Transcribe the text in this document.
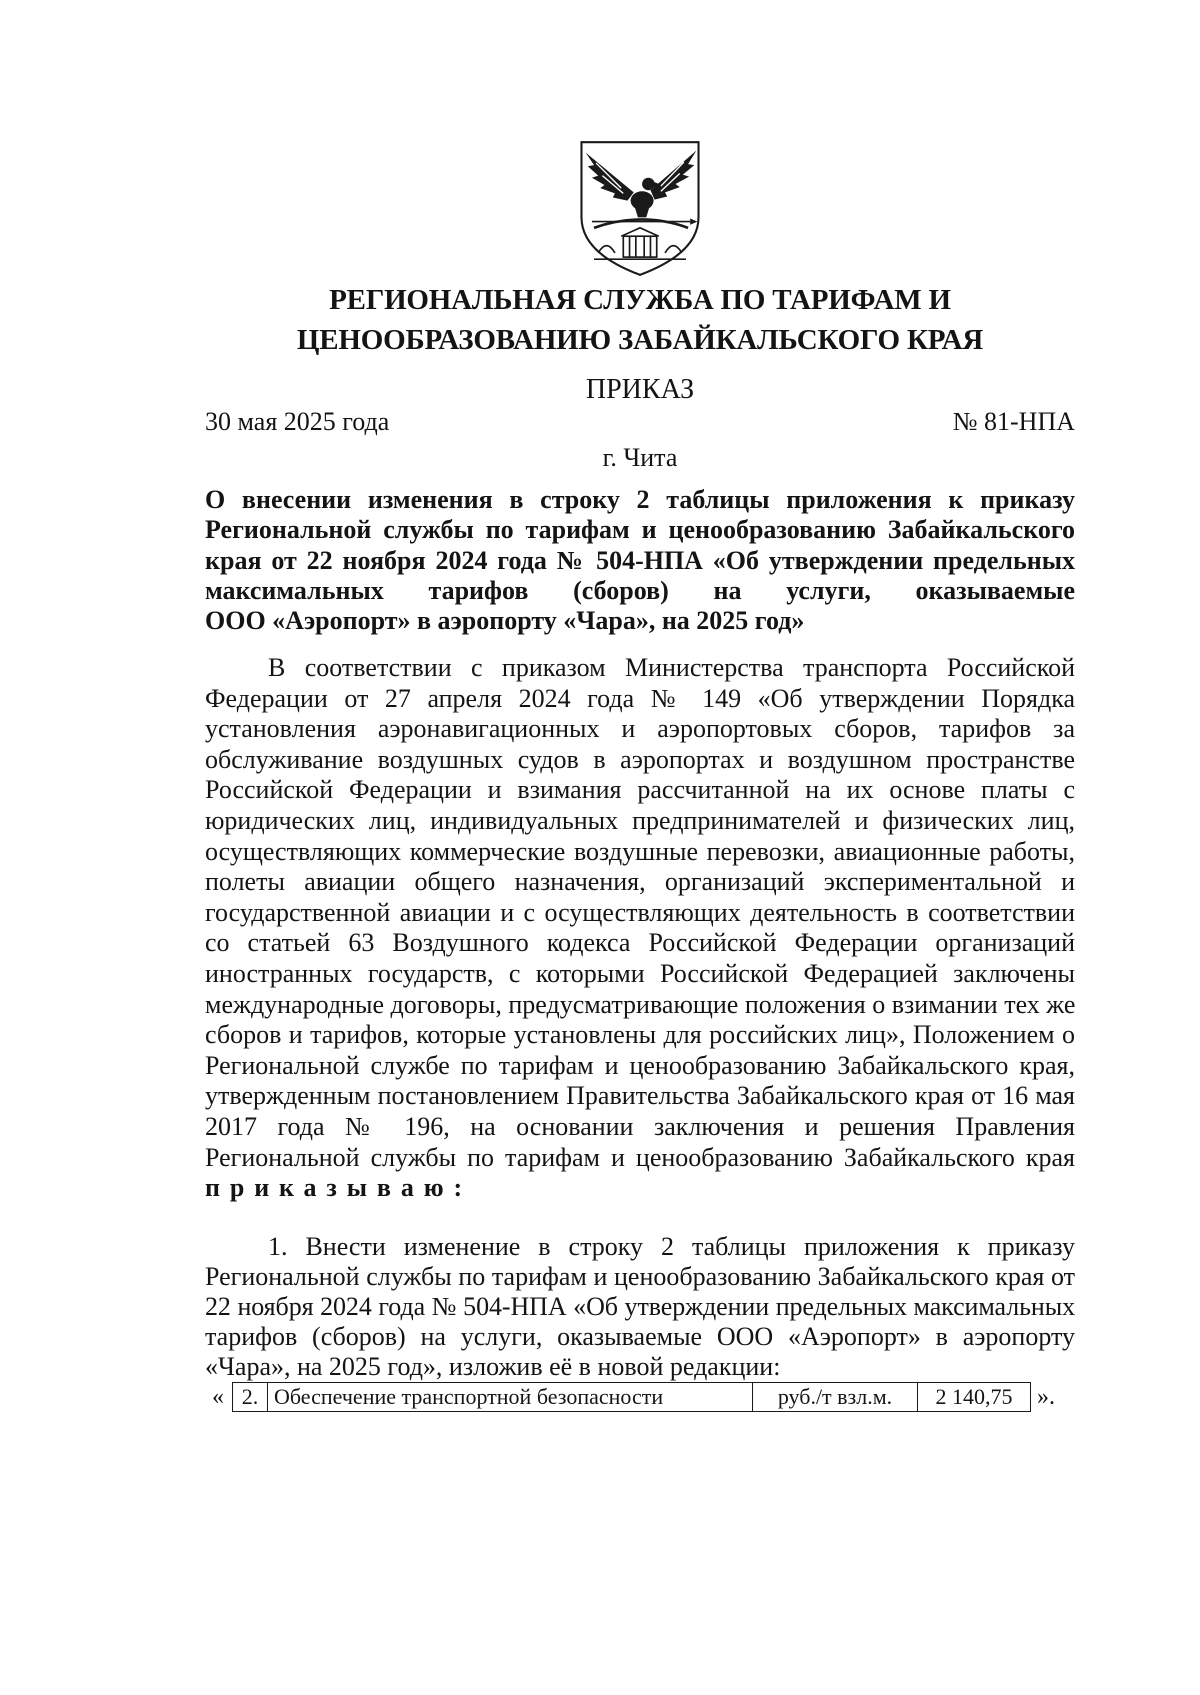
РЕГИОНАЛЬНАЯ СЛУЖБА ПО ТАРИФАМ И
ЦЕНООБРАЗОВАНИЮ ЗАБАЙКАЛЬСКОГО КРАЯ
ПРИКАЗ
30 мая 2025 года	№ 81-НПА
г. Чита
О внесении изменения в строку 2 таблицы приложения к приказу
Региональной службы по тарифам и ценообразованию Забайкальского
края от 22 ноября 2024 года № 504-НПА «Об утверждении предельных
максимальных тарифов (сборов) на услуги, оказываемые
ООО «Аэропорт» в аэропорту «Чара», на 2025 год»
В соответствии с приказом Министерства транспорта Российской
Федерации от 27 апреля 2024 года № 149 «Об утверждении Порядка
установления аэронавигационных и аэропортовых сборов, тарифов за
обслуживание воздушных судов в аэропортах и воздушном пространстве
Российской Федерации и взимания рассчитанной на их основе платы с
юридических лиц, индивидуальных предпринимателей и физических лиц,
осуществляющих коммерческие воздушные перевозки, авиационные работы,
полеты авиации общего назначения, организаций экспериментальной и
государственной авиации и с осуществляющих деятельность в соответствии
со статьей 63 Воздушного кодекса Российской Федерации организаций
иностранных государств, с которыми Российской Федерацией заключены
международные договоры, предусматривающие положения о взимании тех же
сборов и тарифов, которые установлены для российских лиц», Положением о
Региональной службе по тарифам и ценообразованию Забайкальского края,
утвержденным постановлением Правительства Забайкальского края от 16 мая
2017 года № 196, на основании заключения и решения Правления
Региональной службы по тарифам и ценообразованию Забайкальского края
приказываю:
1. Внести изменение в строку 2 таблицы приложения к приказу
Региональной службы по тарифам и ценообразованию Забайкальского края от
22 ноября 2024 года № 504-НПА «Об утверждении предельных максимальных
тарифов (сборов) на услуги, оказываемые ООО «Аэропорт» в аэропорту
«Чара», на 2025 год», изложив её в новой редакции:
« 2.	Обеспечение транспортной безопасности	руб./т взл.м.	2 140,75 ».
